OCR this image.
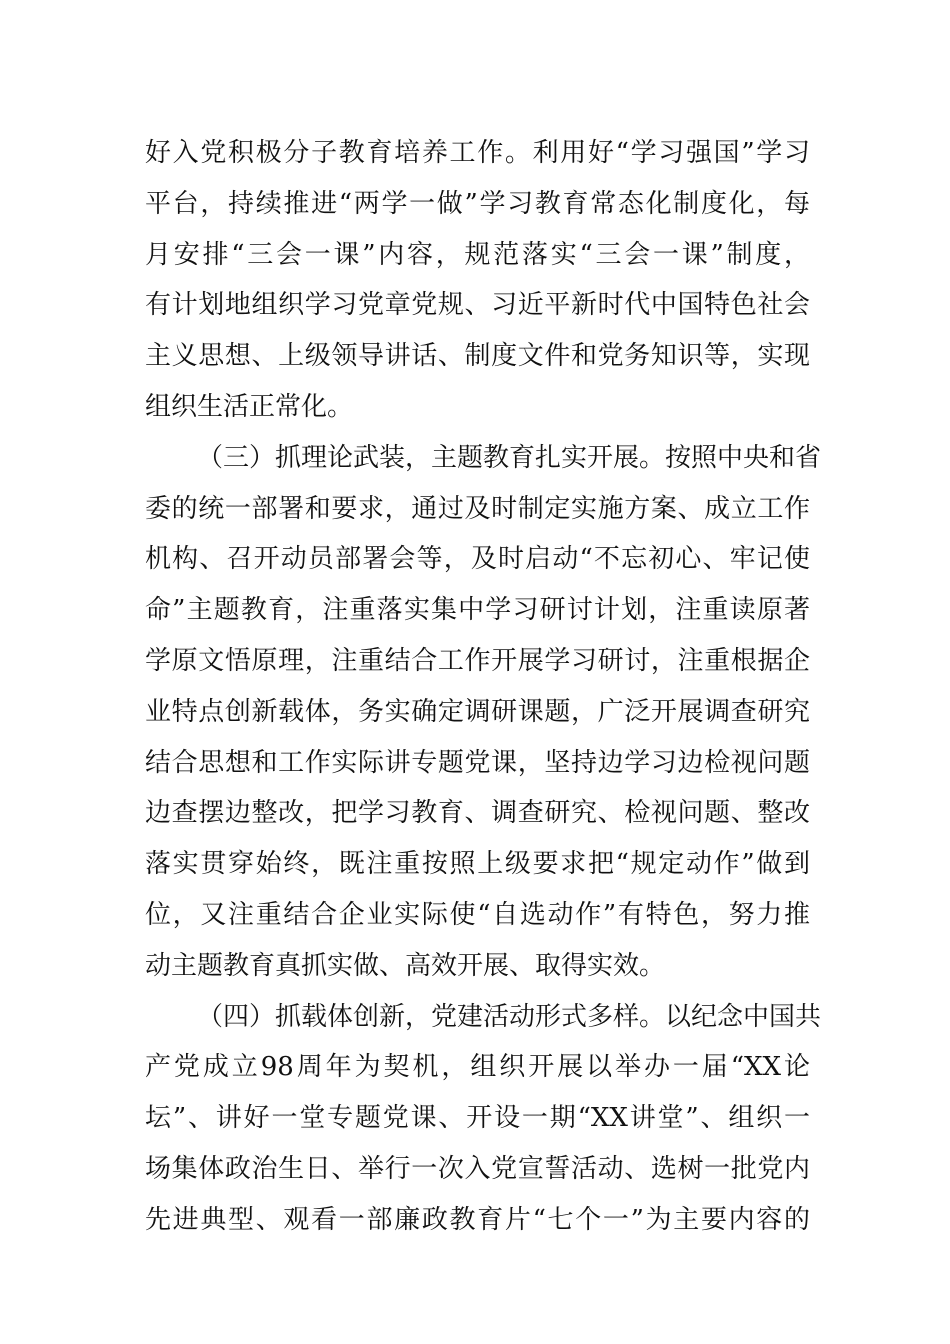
好入党积极分子教育培养工作。利用好“学习强国”学习
平台，持续推进“两学一做”学习教育常态化制度化，每
月安排“三会一课”内容，规范落实“三会一课”制度，
有计划地组织学习党章党规、习近平新时代中国特色社会
主义思想、上级领导讲话、制度文件和党务知识等，实现
组织生活正常化。
（三）抓理论武装，主题教育扎实开展。按照中央和省
委的统一部署和要求，通过及时制定实施方案、成立工作
机构、召开动员部署会等，及时启动“不忘初心、牢记使
命”主题教育，注重落实集中学习研讨计划，注重读原著
学原文悟原理，注重结合工作开展学习研讨，注重根据企
业特点创新载体，务实确定调研课题，广泛开展调查研究
结合思想和工作实际讲专题党课，坚持边学习边检视问题
边查摆边整改，把学习教育、调查研究、检视问题、整改
落实贯穿始终，既注重按照上级要求把“规定动作”做到
位，又注重结合企业实际使“自选动作”有特色，努力推
动主题教育真抓实做、高效开展、取得实效。
（四）抓载体创新，党建活动形式多样。以纪念中国共
产党成立98周年为契机，组织开展以举办一届“XX论
坛”、讲好一堂专题党课、开设一期“XX讲堂”、组织一
场集体政治生日、举行一次入党宣誓活动、选树一批党内
先进典型、观看一部廉政教育片“七个一”为主要内容的
